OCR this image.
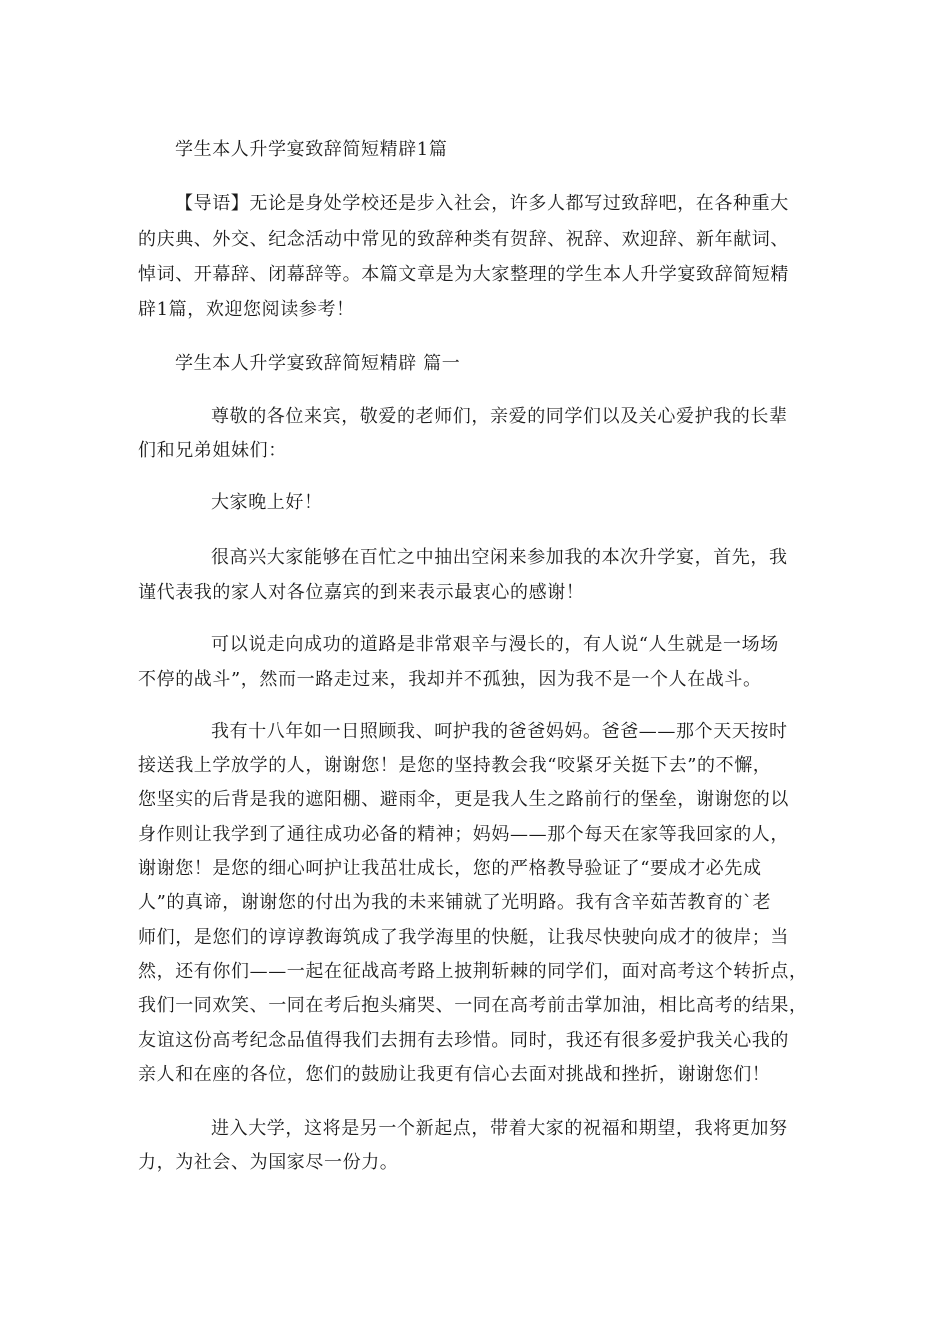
学生本人升学宴致辞简短精辟1篇
【导语】无论是身处学校还是步入社会，许多人都写过致辞吧，在各种重大
的庆典、外交、纪念活动中常见的致辞种类有贺辞、祝辞、欢迎辞、新年献词、
悼词、开幕辞、闭幕辞等。本篇文章是为大家整理的学生本人升学宴致辞简短精
辟1篇，欢迎您阅读参考！
学生本人升学宴致辞简短精辟 篇一
尊敬的各位来宾，敬爱的老师们，亲爱的同学们以及关心爱护我的长辈
们和兄弟姐妹们：
大家晚上好！
很高兴大家能够在百忙之中抽出空闲来参加我的本次升学宴，首先，我
谨代表我的家人对各位嘉宾的到来表示最衷心的感谢！
可以说走向成功的道路是非常艰辛与漫长的，有人说“人生就是一场场
不停的战斗”，然而一路走过来，我却并不孤独，因为我不是一个人在战斗。
我有十八年如一日照顾我、呵护我的爸爸妈妈。爸爸——那个天天按时
接送我上学放学的人，谢谢您！是您的坚持教会我“咬紧牙关挺下去”的不懈，
您坚实的后背是我的遮阳棚、避雨伞，更是我人生之路前行的堡垒，谢谢您的以
身作则让我学到了通往成功必备的精神；妈妈——那个每天在家等我回家的人，
谢谢您！是您的细心呵护让我茁壮成长，您的严格教导验证了“要成才必先成
人”的真谛，谢谢您的付出为我的未来铺就了光明路。我有含辛茹苦教育的`老
师们，是您们的谆谆教诲筑成了我学海里的快艇，让我尽快驶向成才的彼岸；当
然，还有你们——一起在征战高考路上披荆斩棘的同学们，面对高考这个转折点，
我们一同欢笑、一同在考后抱头痛哭、一同在高考前击掌加油，相比高考的结果，
友谊这份高考纪念品值得我们去拥有去珍惜。同时，我还有很多爱护我关心我的
亲人和在座的各位，您们的鼓励让我更有信心去面对挑战和挫折，谢谢您们！
进入大学，这将是另一个新起点，带着大家的祝福和期望，我将更加努
力，为社会、为国家尽一份力。
